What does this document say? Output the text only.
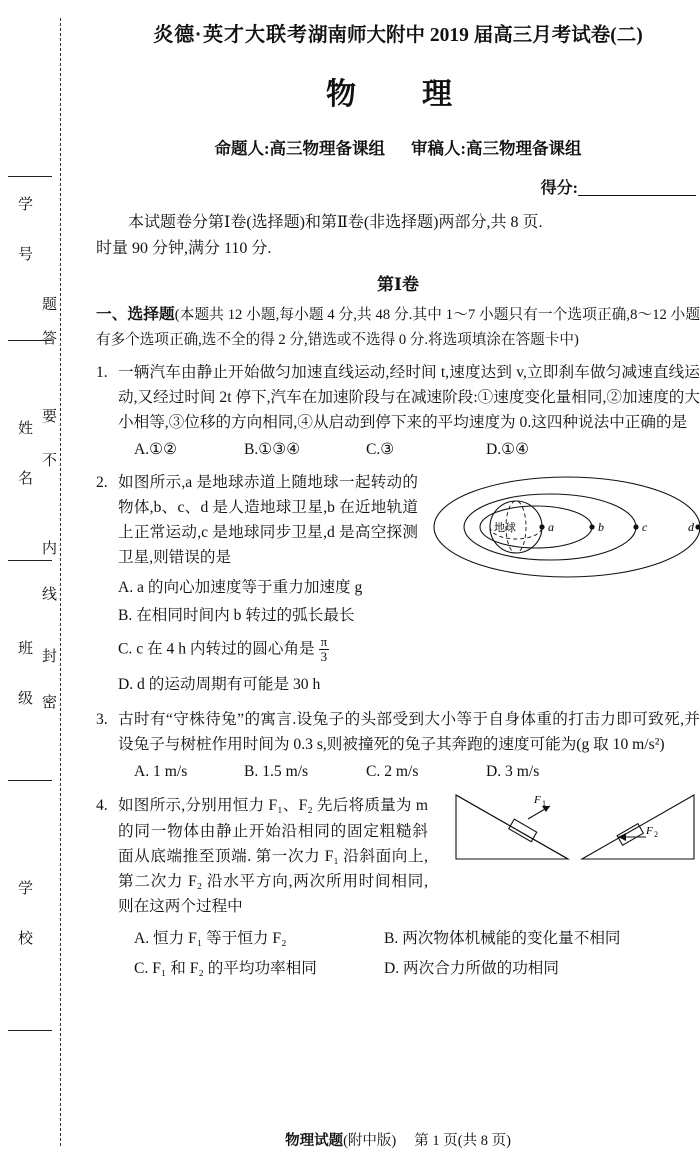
学　号
姓　名
班　级
学　校
答
题
要
不
内
线
封
密
炎德·英才大联考湖南师大附中 2019 届高三月考试卷(二)
物　理
命题人:高三物理备课组 审稿人:高三物理备课组
得分:
本试题卷分第Ⅰ卷(选择题)和第Ⅱ卷(非选择题)两部分,共 8 页.
时量 90 分钟,满分 110 分.
第Ⅰ卷
一、选择题(本题共 12 小题,每小题 4 分,共 48 分.其中 1～7 小题只有一个选项正确,8～12 小题有多个选项正确,选不全的得 2 分,错选或不选得 0 分.将选项填涂在答题卡中)
1. 一辆汽车由静止开始做匀加速直线运动,经时间 t,速度达到 v,立即刹车做匀减速直线运动,又经过时间 2t 停下,汽车在加速阶段与在减速阶段:①速度变化量相同,②加速度的大小相等,③位移的方向相同,④从启动到停下来的平均速度为 0.这四种说法中正确的是
A.①②	B.①③④	C.③	D.①④
2. 如图所示,a 是地球赤道上随地球一起转动的物体,b、c、d 是人造地球卫星,b 在近地轨道上正常运动,c 是地球同步卫星,d 是高空探测卫星,则错误的是
地球	a	b	c	d
A. a 的向心加速度等于重力加速度 g
B. 在相同时间内 b 转过的弧长最长
C. c 在 4 h 内转过的圆心角是 $\frac{\pi}{3}$
D. d 的运动周期有可能是 30 h
3. 古时有“守株待兔”的寓言.设兔子的头部受到大小等于自身体重的打击力即可致死,并设兔子与树桩作用时间为 0.3 s,则被撞死的兔子其奔跑的速度可能为(g 取 10 m/s²)
A. 1 m/s	B. 1.5 m/s	C. 2 m/s	D. 3 m/s
4. 如图所示,分别用恒力 F₁、F₂ 先后将质量为 m 的同一物体由静止开始沿相同的固定粗糙斜面从底端推至顶端. 第一次力 F₁ 沿斜面向上,第二次力 F₂ 沿水平方向,两次所用时间相同,则在这两个过程中
F 1
F 2
A. 恒力 F₁ 等于恒力 F₂	B. 两次物体机械能的变化量不相同
C. F₁ 和 F₂ 的平均功率相同	D. 两次合力所做的功相同
物理试题(附中版) 第 1 页(共 8 页)
